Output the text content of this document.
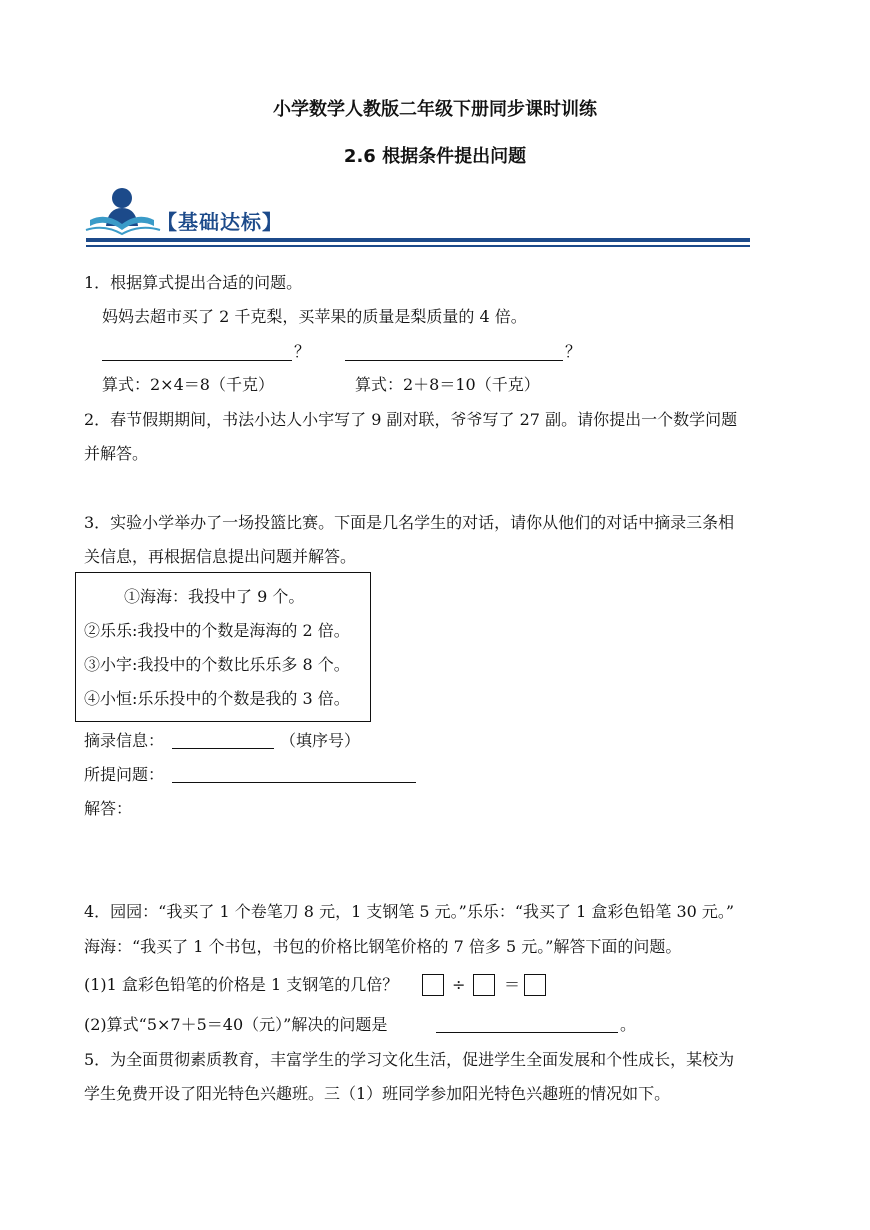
小学数学人教版二年级下册同步课时训练
2.6 根据条件提出问题
【基础达标】
1．根据算式提出合适的问题。
妈妈去超市买了 2 千克梨，买苹果的质量是梨质量的 4 倍。
？	？
算式：2×4＝8（千克）	算式：2＋8＝10（千克）
2．春节假期期间，书法小达人小宇写了 9 副对联，爷爷写了 27 副。请你提出一个数学问题
并解答。
3．实验小学举办了一场投篮比赛。下面是几名学生的对话，请你从他们的对话中摘录三条相
关信息，再根据信息提出问题并解答。
①海海：我投中了 9 个。
②乐乐:我投中的个数是海海的 2 倍。
③小宇:我投中的个数比乐乐多 8 个。
④小恒:乐乐投中的个数是我的 3 倍。
摘录信息：	（填序号）
所提问题：
解答：
4．园园：“我买了 1 个卷笔刀 8 元，1 支钢笔 5 元。”乐乐：“我买了 1 盒彩色铅笔 30 元。”
海海：“我买了 1 个书包，书包的价格比钢笔价格的 7 倍多 5 元。”解答下面的问题。
(1)1 盒彩色铅笔的价格是 1 支钢笔的几倍？	÷ ＝
(2)算式“5×7＋5＝40（元）”解决的问题是	。
5．为全面贯彻素质教育，丰富学生的学习文化生活，促进学生全面发展和个性成长，某校为
学生免费开设了阳光特色兴趣班。三（1）班同学参加阳光特色兴趣班的情况如下。
